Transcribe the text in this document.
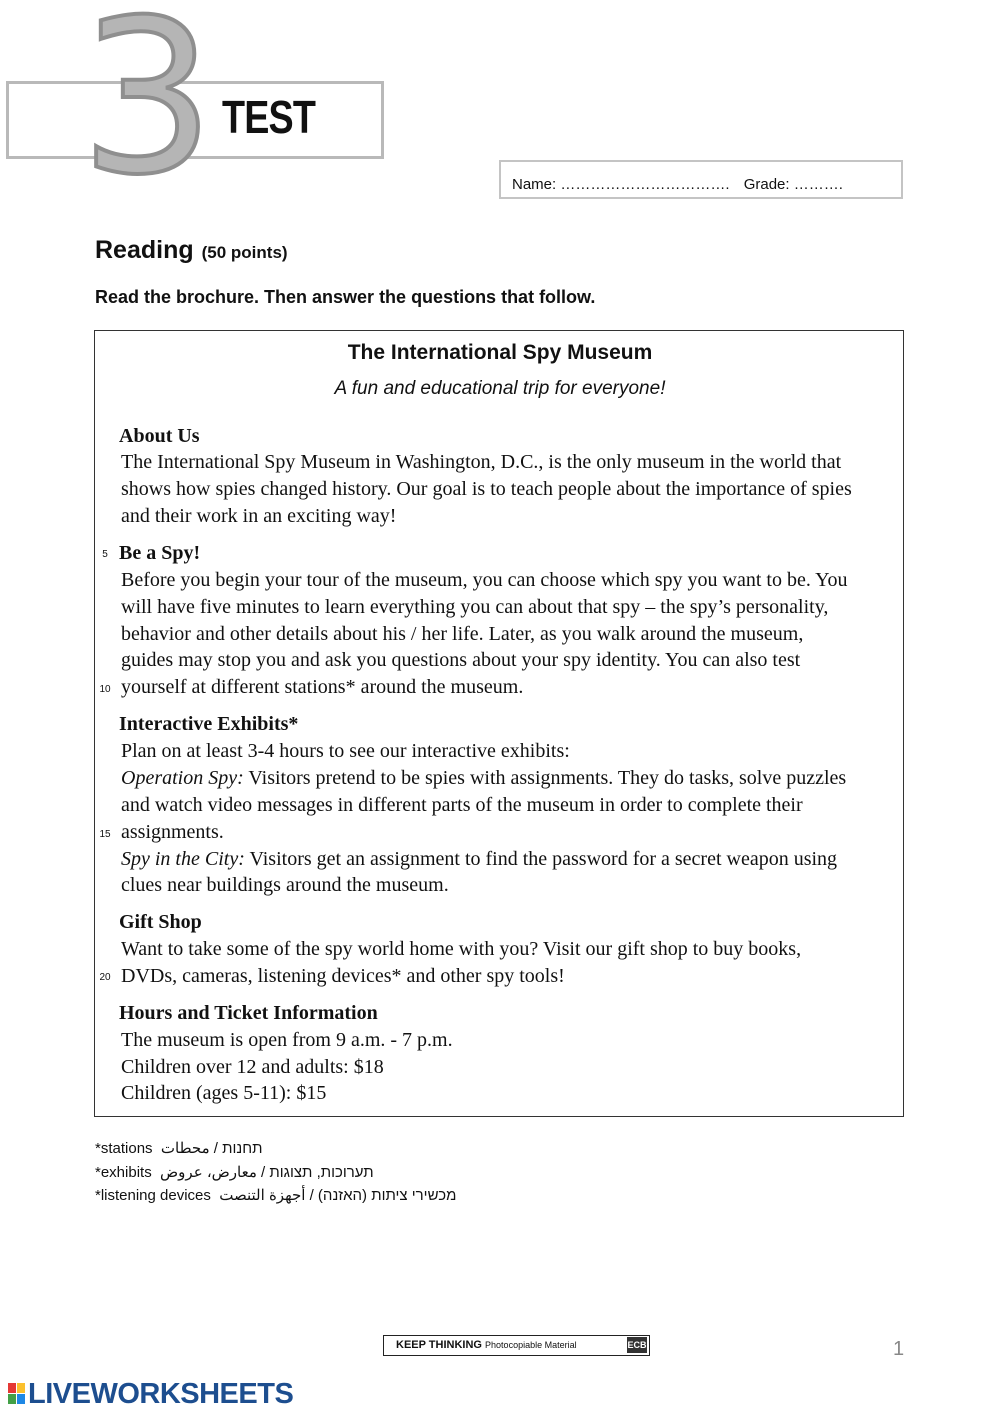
3 TEST
Name: ……………………………. Grade: ……….
Reading (50 points)
Read the brochure. Then answer the questions that follow.
The International Spy Museum
A fun and educational trip for everyone!
About Us
The International Spy Museum in Washington, D.C., is the only museum in the world that
shows how spies changed history. Our goal is to teach people about the importance of spies
and their work in an exciting way!
5 Be a Spy!
Before you begin your tour of the museum, you can choose which spy you want to be. You
will have five minutes to learn everything you can about that spy – the spy’s personality,
behavior and other details about his / her life. Later, as you walk around the museum,
guides may stop you and ask you questions about your spy identity. You can also test
10 yourself at different stations* around the museum.
Interactive Exhibits*
Plan on at least 3-4 hours to see our interactive exhibits:
Operation Spy: Visitors pretend to be spies with assignments. They do tasks, solve puzzles
and watch video messages in different parts of the museum in order to complete their
15 assignments.
Spy in the City: Visitors get an assignment to find the password for a secret weapon using
clues near buildings around the museum.
Gift Shop
Want to take some of the spy world home with you? Visit our gift shop to buy books,
20 DVDs, cameras, listening devices* and other spy tools!
Hours and Ticket Information
The museum is open from 9 a.m. - 7 p.m.
Children over 12 and adults: $18
Children (ages 5-11): $15
*stations תחנות / محطات
*exhibits תערוכות, תצוגות / معارض، عروض
*listening devices מכשירי ציתות (האזנה) / أجهزة التنصت
KEEP THINKING Photocopiable Material	ECB	1
LIVEWORKSHEETS
